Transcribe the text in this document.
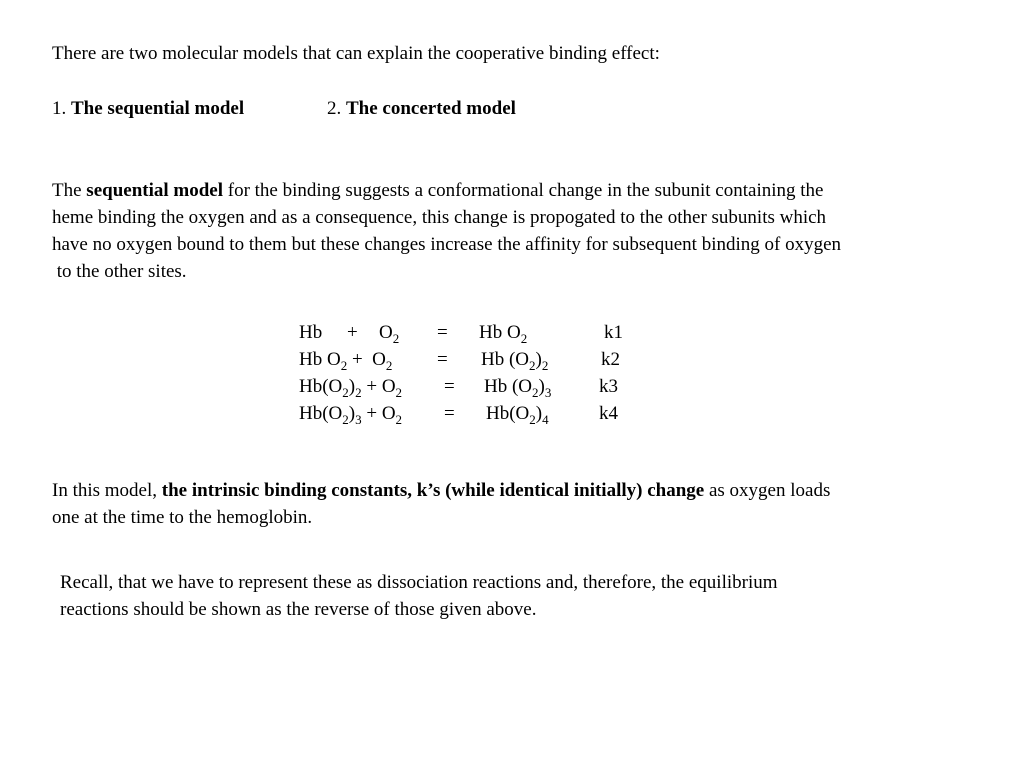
There are two molecular models that can explain the cooperative binding effect:
1. The sequential model	2. The concerted model
The sequential model for the binding suggests a conformational change in the subunit containing the
heme binding the oxygen and as a consequence, this change is propogated to the other subunits which
have no oxygen bound to them but these changes increase the affinity for subsequent binding of oxygen
to the other sites.
$Hb + O_2 = Hb$ $O_2$	k1
Hb $O_2 + O_2 = Hb$ $(O_2)_2$	k2
$Hb(O_2)_2 + O_2 = Hb$ $(O_2)_3$	k3
$Hb(O_2)_3 + O_2 = Hb(O_2)_4$	k4
In this model, the intrinsic binding constants, k’s (while identical initially) change as oxygen loads
one at the time to the hemoglobin.
Recall, that we have to represent these as dissociation reactions and, therefore, the equilibrium
reactions should be shown as the reverse of those given above.
